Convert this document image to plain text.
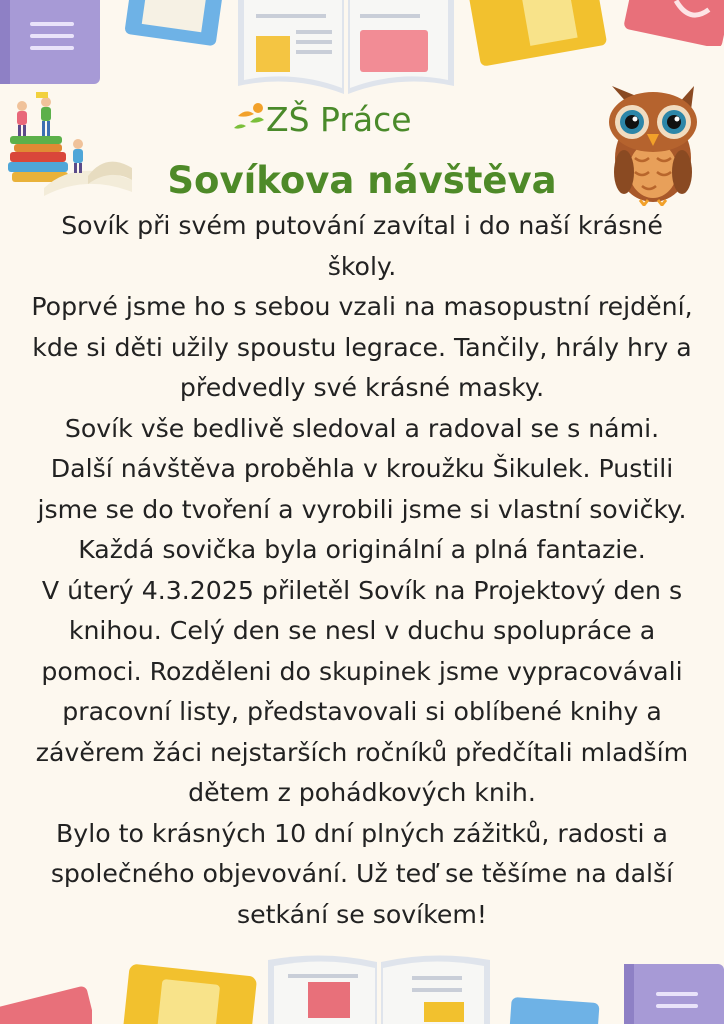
ZŠ Práce
Sovíkova návštěva
Sovík při svém putování zavítal i do naší krásné
školy.
Poprvé jsme ho s sebou vzali na masopustní rejdění,
kde si děti užily spoustu legrace. Tančily, hrály hry a
předvedly své krásné masky.
Sovík vše bedlivě sledoval a radoval se s námi.
Další návštěva proběhla v kroužku Šikulek. Pustili
jsme se do tvoření a vyrobili jsme si vlastní sovičky.
Každá sovička byla originální a plná fantazie.
V úterý 4.3.2025 přiletěl Sovík na Projektový den s
knihou. Celý den se nesl v duchu spolupráce a
pomoci. Rozděleni do skupinek jsme vypracovávali
pracovní listy, představovali si oblíbené knihy a
závěrem žáci nejstarších ročníků předčítali mladším
dětem z pohádkových knih.
Bylo to krásných 10 dní plných zážitků, radosti a
společného objevování. Už teď se těšíme na další
setkání se sovíkem!
